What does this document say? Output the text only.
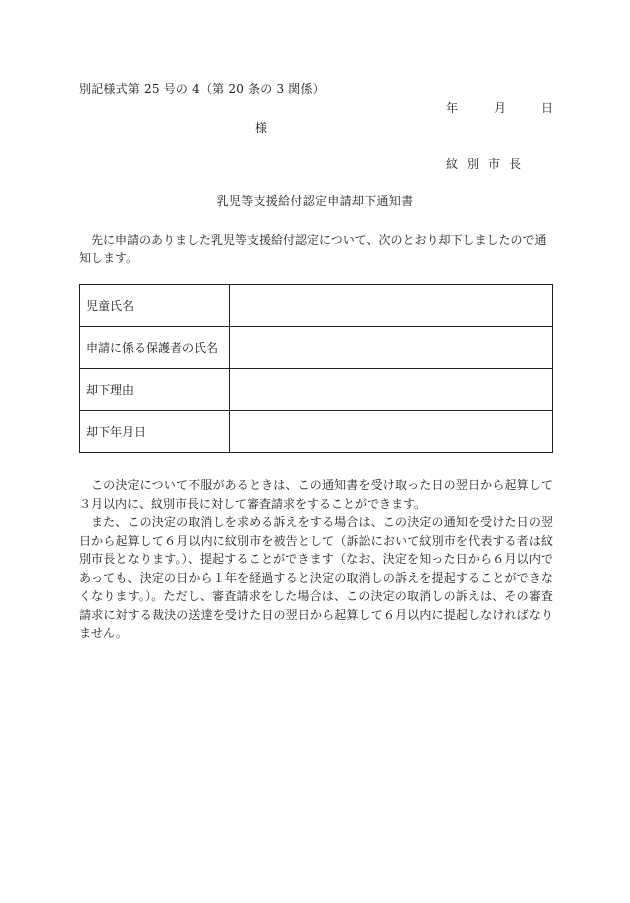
別記様式第 25 号の 4（第 20 条の 3 関係）
年	月	日
様
紋別市長
乳児等支援給付認定申請却下通知書

先に申請のありました乳児等支援給付認定について、次のとおり却下しましたので通知します。

児童氏名	
申請に係る保護者の氏名	
却下理由	
却下年月日	

この決定について不服があるときは、この通知書を受け取った日の翌日から起算して３月以内に、紋別市長に対して審査請求をすることができます。

また、この決定の取消しを求める訴えをする場合は、この決定の通知を受けた日の翌日から起算して６月以内に紋別市を被告として（訴訟において紋別市を代表する者は紋別市長となります。）、提起することができます（なお、決定を知った日から６月以内であっても、決定の日から１年を経過すると決定の取消しの訴えを提起することができなくなります。）。ただし、審査請求をした場合は、この決定の取消しの訴えは、その審査請求に対する裁決の送達を受けた日の翌日から起算して６月以内に提起しなければなりません。
